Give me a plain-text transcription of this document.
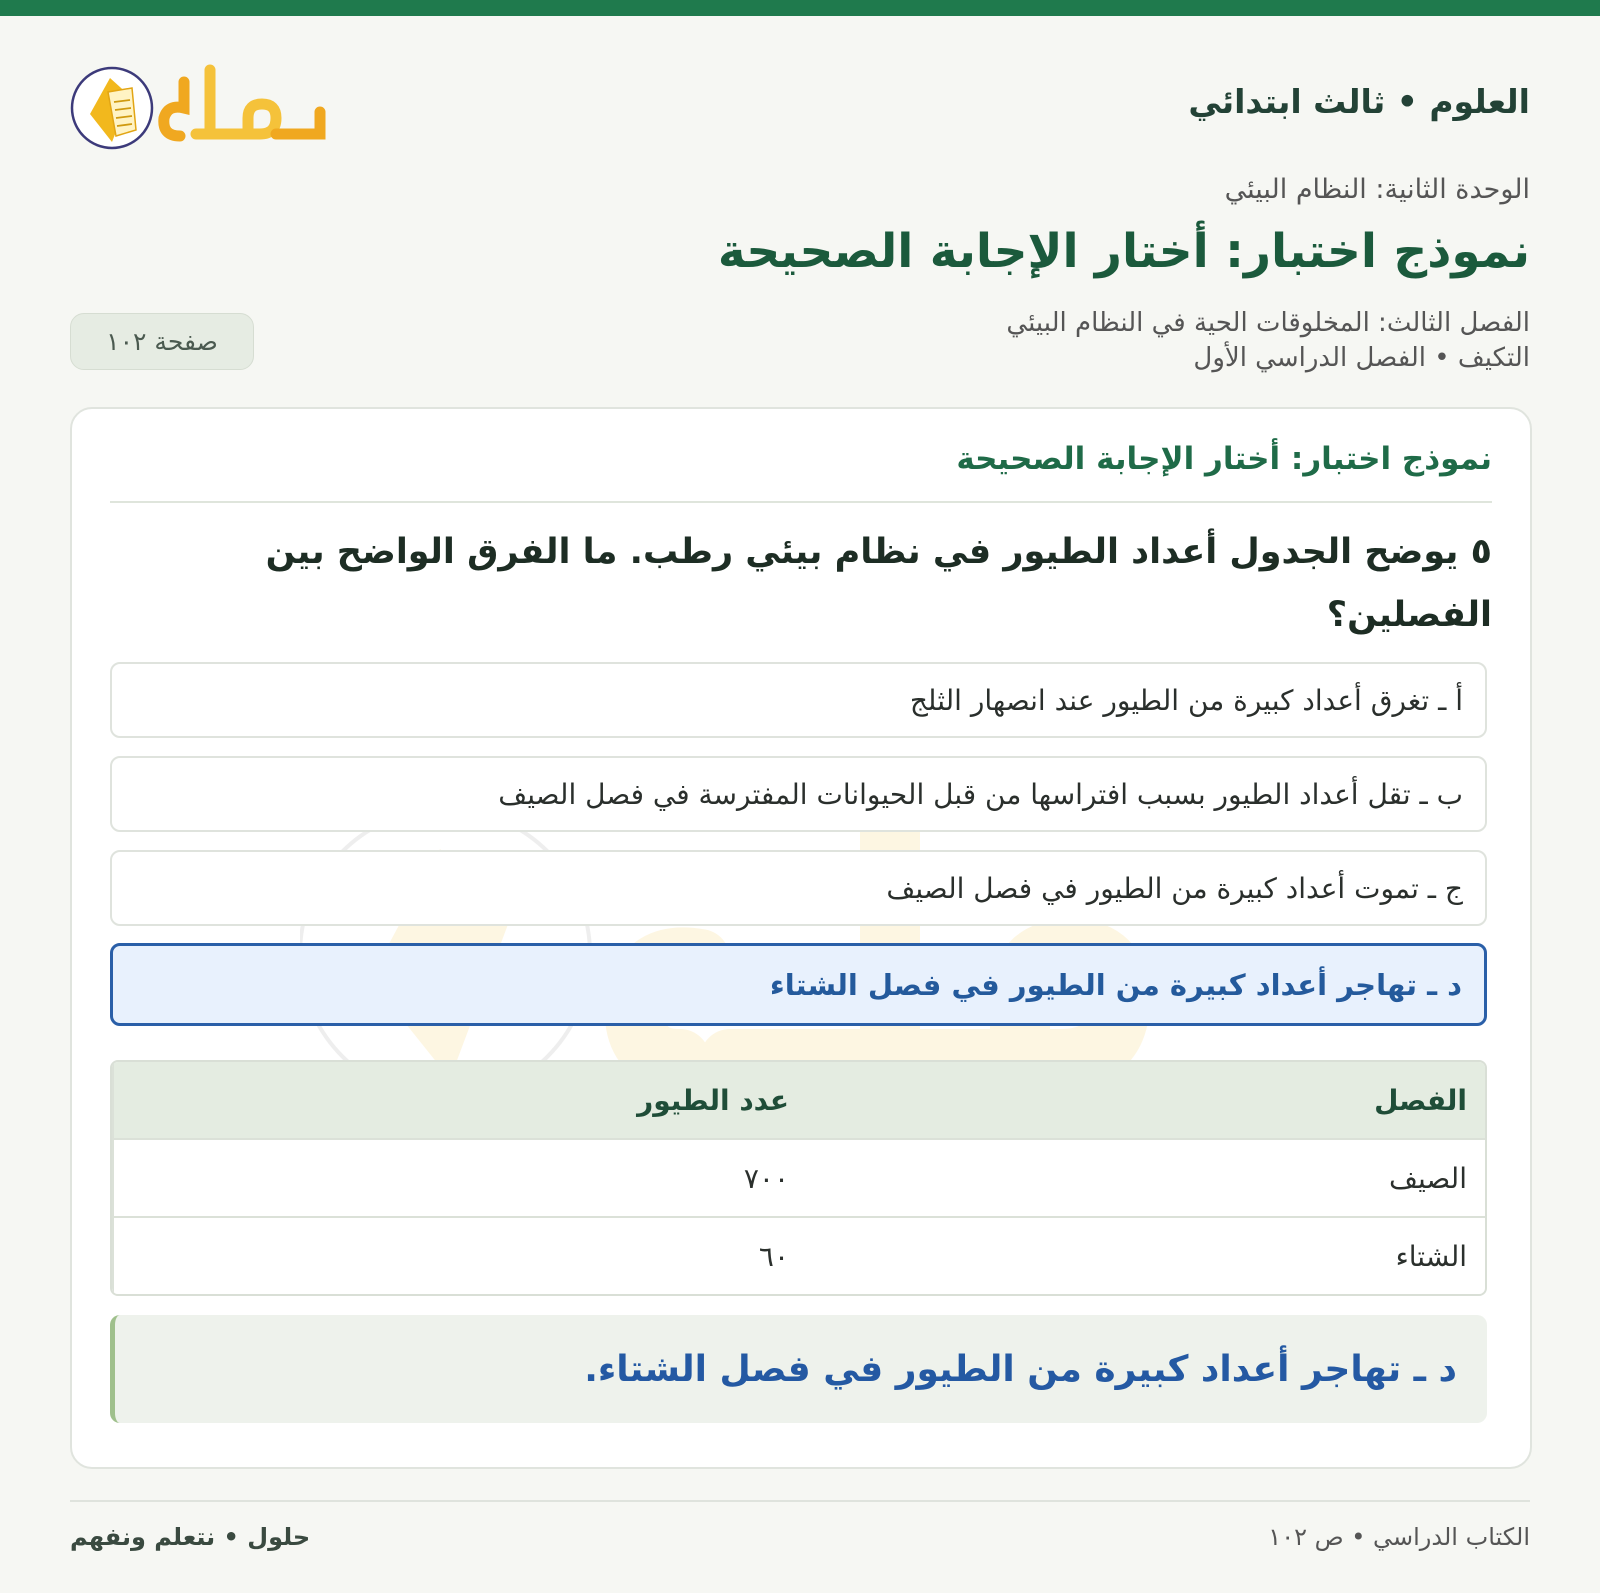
العلوم • ثالث ابتدائي
الوحدة الثانية: النظام البيئي
نموذج اختبار: أختار الإجابة الصحيحة
الفصل الثالث: المخلوقات الحية في النظام البيئي
التكيف • الفصل الدراسي الأول
صفحة ١٠٢
نموذج اختبار: أختار الإجابة الصحيحة
٥ يوضح الجدول أعداد الطيور في نظام بيئي رطب. ما الفرق الواضح بين الفصلين؟
أ ـ تغرق أعداد كبيرة من الطيور عند انصهار الثلج
ب ـ تقل أعداد الطيور بسبب افتراسها من قبل الحيوانات المفترسة في فصل الصيف
ج ـ تموت أعداد كبيرة من الطيور في فصل الصيف
د ـ تهاجر أعداد كبيرة من الطيور في فصل الشتاء
الفصل	عدد الطيور
الصيف	٧٠٠
الشتاء	٦٠
د ـ تهاجر أعداد كبيرة من الطيور في فصل الشتاء.
الكتاب الدراسي • ص ١٠٢
حلول • نتعلم ونفهم
